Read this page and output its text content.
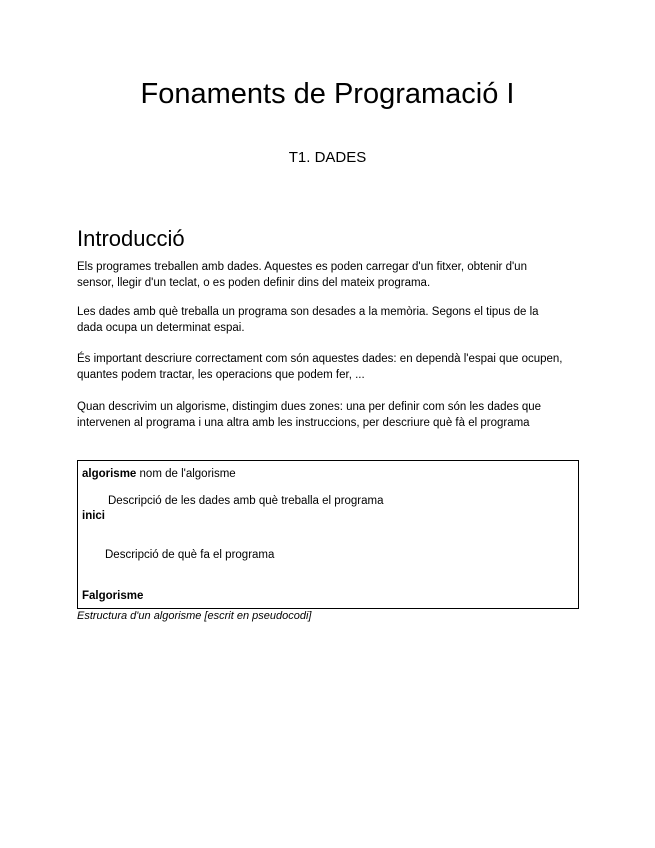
Fonaments de Programació I

T1. DADES

Introducció

Els programes treballen amb dades. Aquestes es poden carregar d'un fitxer, obtenir d'un sensor, llegir d'un teclat, o es poden definir dins del mateix programa.

Les dades amb què treballa un programa son desades a la memòria. Segons el tipus de la dada ocupa un determinat espai.

És important descriure correctament com són aquestes dades: en dependà l'espai que ocupen, quantes podem tractar, les operacions que podem fer, ...

Quan descrivim un algorisme, distingim dues zones: una per definir com són les dades que intervenen al programa i una altra amb les instruccions, per descriure què fà el programa

algorisme nom de l'algorisme
Descripció de les dades amb què treballa el programa
inici
Descripció de què fa el programa
Falgorisme

Estructura d'un algorisme [escrit en pseudocodi]
